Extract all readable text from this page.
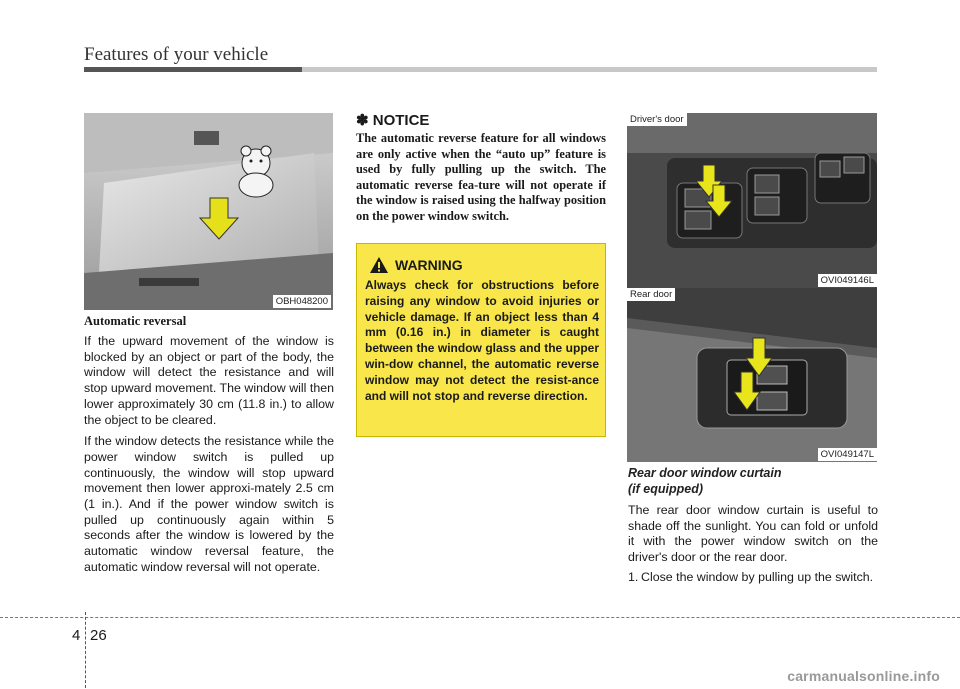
Features of your vehicle
OBH048200

Automatic reversal

If the upward movement of the window is blocked by an object or part of the body, the window will detect the resistance and will stop upward movement. The window will then lower approximately 30 cm (11.8 in.) to allow the object to be cleared.

If the window detects the resistance while the power window switch is pulled up continuously, the window will stop upward movement then lower approxi-mately 2.5 cm (1 in.). And if the power window switch is pulled up continuously again within 5 seconds after the window is lowered by the automatic window reversal feature, the automatic window reversal will not operate.

✽ NOTICE

The automatic reverse feature for all windows are only active when the “auto up” feature is used by fully pulling up the switch. The automatic reverse fea-ture will not operate if the window is raised using the halfway position on the power window switch.

WARNING

Always check for obstructions before raising any window to avoid injuries or vehicle damage. If an object less than 4 mm (0.16 in.) in diameter is caught between the window glass and the upper win-dow channel, the automatic reverse window may not detect the resist-ance and will not stop and reverse direction.

Driver's door
OVI049146L
Rear door
OVI049147L

Rear door window curtain
(if equipped)

The rear door window curtain is useful to shade off the sunlight. You can fold or unfold it with the power window switch on the driver's door or the rear door.

1. Close the window by pulling up the switch.
4 26
carmanualsonline.info
